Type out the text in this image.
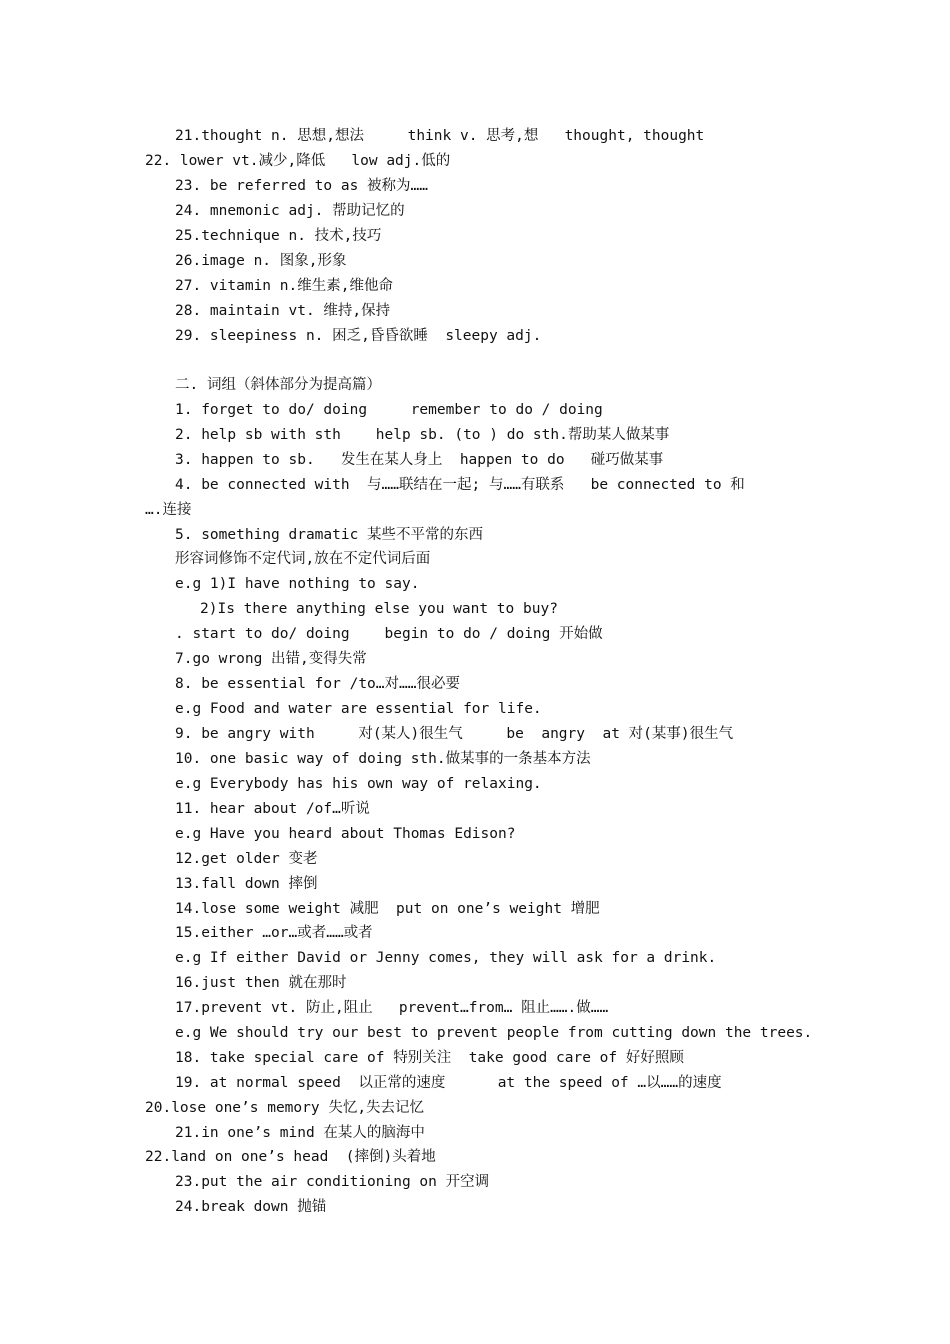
21.thought n. 思想,想法     think v. 思考,想   thought, thought
22. lower vt.减少,降低   low adj.低的
23. be referred to as 被称为……
24. mnemonic adj. 帮助记忆的
25.technique n. 技术,技巧
26.image n. 图象,形象
27. vitamin n.维生素,维他命
28. maintain vt. 维持,保持
29. sleepiness n. 困乏,昏昏欲睡  sleepy adj.
二. 词组（斜体部分为提高篇）
1. forget to do/ doing     remember to do / doing
2. help sb with sth    help sb. (to ) do sth.帮助某人做某事
3. happen to sb.   发生在某人身上  happen to do   碰巧做某事
4. be connected with  与……联结在一起; 与……有联系   be connected to 和
….连接
5. something dramatic 某些不平常的东西
形容词修饰不定代词,放在不定代词后面
e.g 1)I have nothing to say.
2)Is there anything else you want to buy?
. start to do/ doing    begin to do / doing 开始做
7.go wrong 出错,变得失常
8. be essential for /to…对……很必要
e.g Food and water are essential for life.
9. be angry with     对(某人)很生气     be  angry  at 对(某事)很生气
10. one basic way of doing sth.做某事的一条基本方法
e.g Everybody has his own way of relaxing.
11. hear about /of…听说
e.g Have you heard about Thomas Edison?
12.get older 变老
13.fall down 摔倒
14.lose some weight 减肥  put on one’s weight 增肥
15.either …or…或者……或者
e.g If either David or Jenny comes, they will ask for a drink.
16.just then 就在那时
17.prevent vt. 防止,阻止   prevent…from… 阻止…….做……
e.g We should try our best to prevent people from cutting down the trees.
18. take special care of 特别关注  take good care of 好好照顾
19. at normal speed  以正常的速度      at the speed of …以……的速度
20.lose one’s memory 失忆,失去记忆
21.in one’s mind 在某人的脑海中
22.land on one’s head  (摔倒)头着地
23.put the air conditioning on 开空调
24.break down 抛锚
